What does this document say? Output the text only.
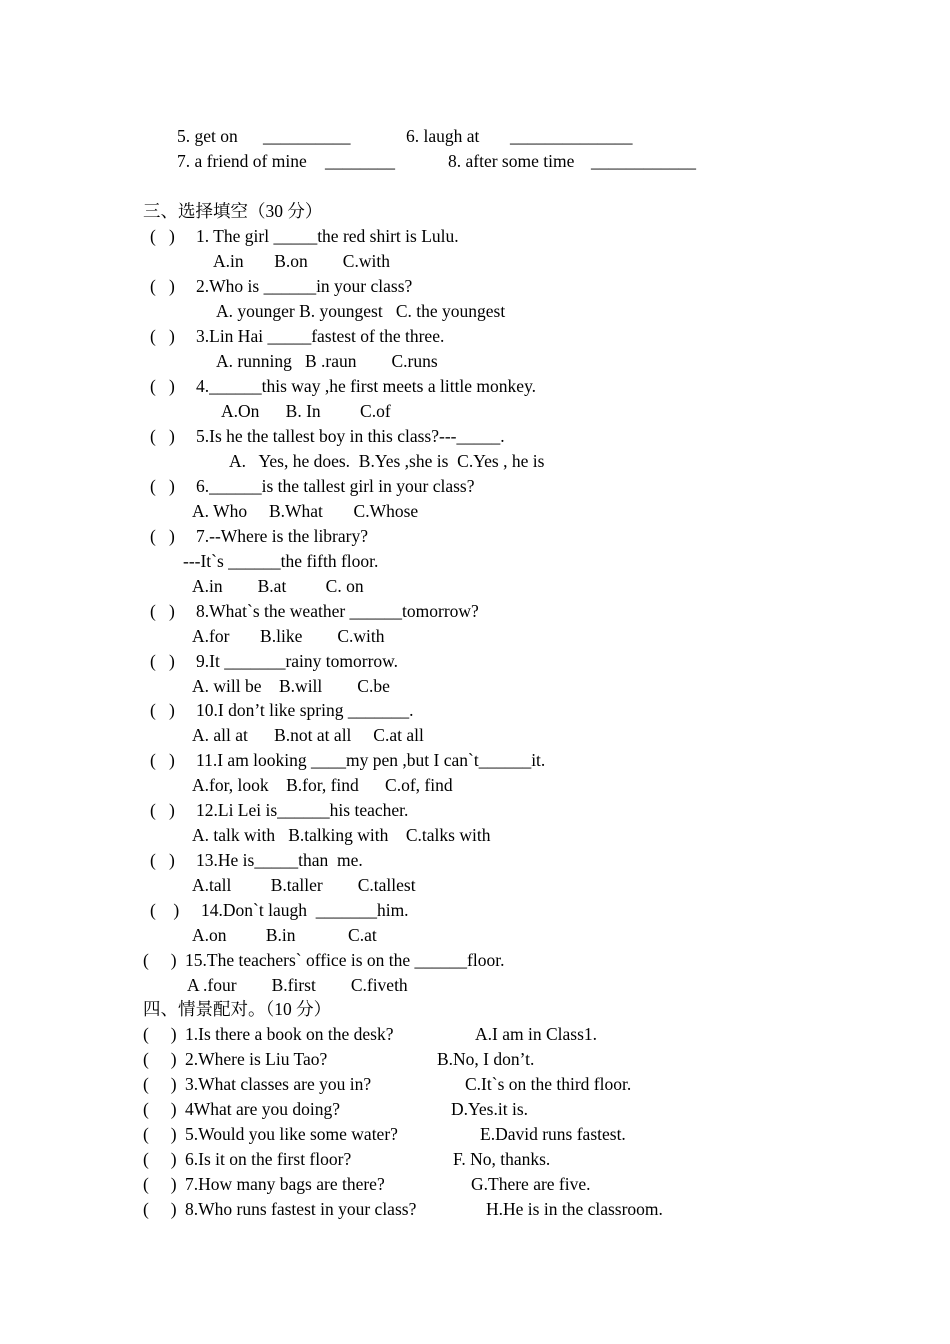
5. get on __________	6. laugh at ______________
7. a friend of mine ________	8. after some time ____________
三、选择填空（30 分）
(   ) 1. The girl _____the red shirt is Lulu.
A.in       B.on        C.with
(   ) 2.Who is ______in your class?
A. younger B. youngest   C. the youngest
(   ) 3.Lin Hai _____fastest of the three.
A. running   B .raun        C.runs
(   ) 4.______this way ,he first meets a little monkey.
A.On      B. In         C.of
(   ) 5.Is he the tallest boy in this class?---_____.
A.   Yes, he does.  B.Yes ,she is  C.Yes , he is
(   ) 6.______is the tallest girl in your class?
A. Who     B.What       C.Whose
(   ) 7.--Where is the library?
---It`s ______the fifth floor.
A.in        B.at         C. on
(   ) 8.What`s the weather ______tomorrow?
A.for       B.like        C.with
(   ) 9.It _______rainy tomorrow.
A. will be    B.will        C.be
(   ) 10.I don’t like spring _______.
A. all at      B.not at all     C.at all
(   ) 11.I am looking ____my pen ,but I can`t______it.
A.for, look    B.for, find      C.of, find
(   ) 12.Li Lei is______his teacher.
A. talk with   B.talking with    C.talks with
(   ) 13.He is_____than  me.
A.tall         B.taller        C.tallest
(    ) 14.Don`t laugh  _______him.
A.on         B.in            C.at
(     ) 15.The teachers` office is on the ______floor.
A .four        B.first        C.fiveth
四、情景配对。（10 分）
(     ) 1.Is there a book on the desk?	A.I am in Class1.
(     ) 2.Where is Liu Tao?	B.No, I don’t.
(     ) 3.What classes are you in?	C.It`s on the third floor.
(     ) 4What are you doing?	D.Yes.it is.
(     ) 5.Would you like some water?	E.David runs fastest.
(     ) 6.Is it on the first floor?	F. No, thanks.
(     ) 7.How many bags are there?	G.There are five.
(     ) 8.Who runs fastest in your class?	H.He is in the classroom.
